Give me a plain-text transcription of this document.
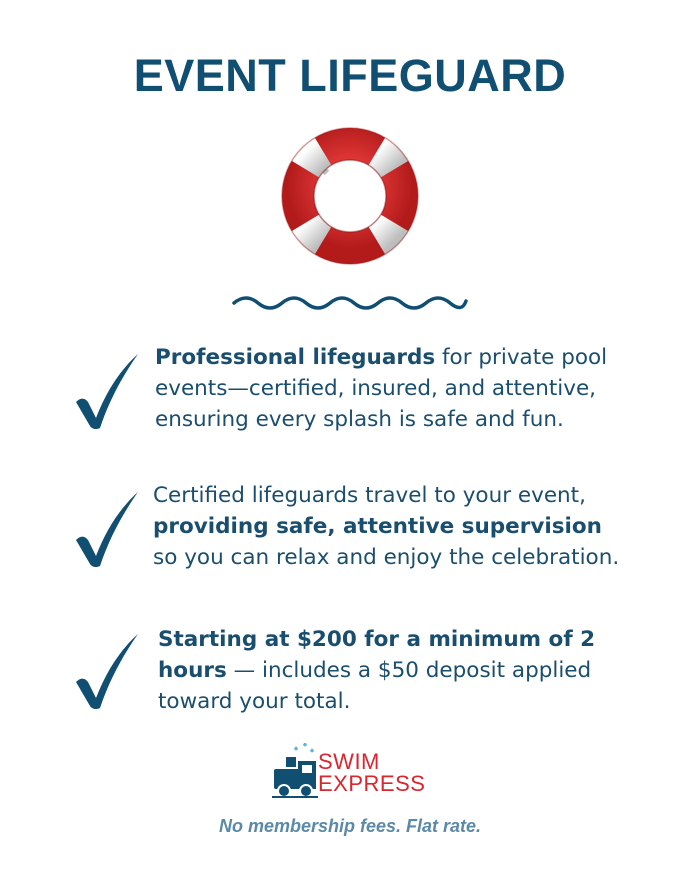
EVENT LIFEGUARD
Professional lifeguards for private pool events—certified, insured, and attentive, ensuring every splash is safe and fun.
Certified lifeguards travel to your event, providing safe, attentive supervision so you can relax and enjoy the celebration.
Starting at $200 for a minimum of 2 hours — includes a $50 deposit applied toward your total.
SWIM
EXPRESS
No membership fees. Flat rate.
